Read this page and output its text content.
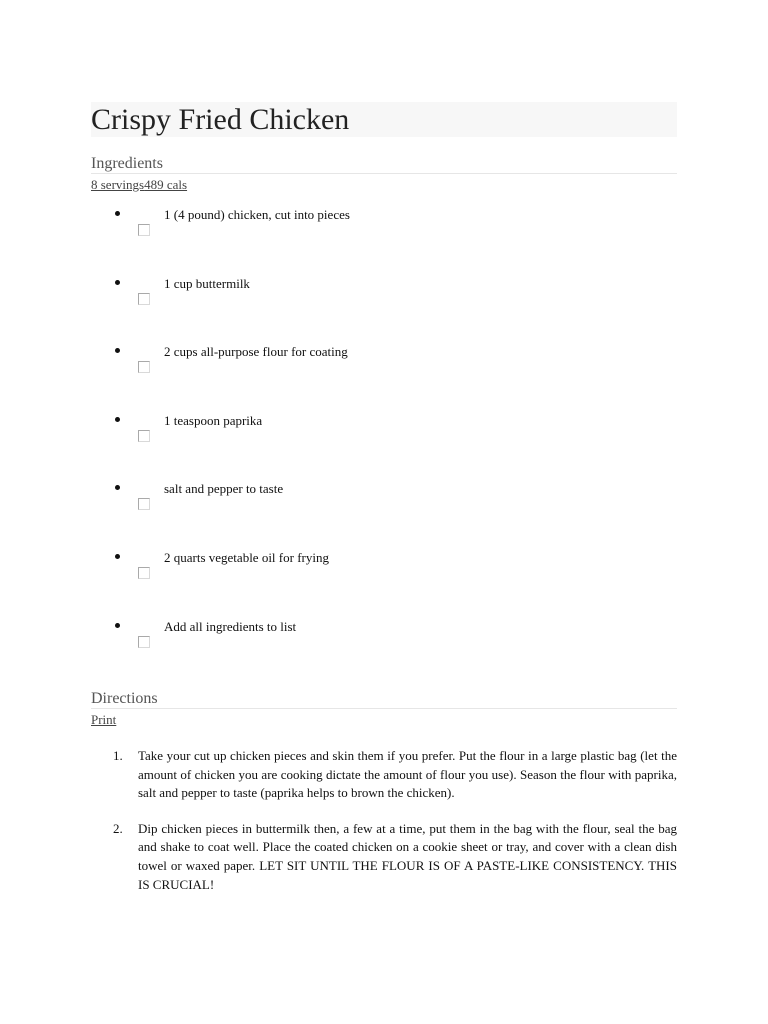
Crispy Fried Chicken
Ingredients
8 servings489 cals
1 (4 pound) chicken, cut into pieces
1 cup buttermilk
2 cups all-purpose flour for coating
1 teaspoon paprika
salt and pepper to taste
2 quarts vegetable oil for frying
Add all ingredients to list
Directions
Print
1. Take your cut up chicken pieces and skin them if you prefer. Put the flour in a large plastic bag (let the amount of chicken you are cooking dictate the amount of flour you use). Season the flour with paprika, salt and pepper to taste (paprika helps to brown the chicken).
2. Dip chicken pieces in buttermilk then, a few at a time, put them in the bag with the flour, seal the bag and shake to coat well. Place the coated chicken on a cookie sheet or tray, and cover with a clean dish towel or waxed paper. LET SIT UNTIL THE FLOUR IS OF A PASTE-LIKE CONSISTENCY. THIS IS CRUCIAL!
